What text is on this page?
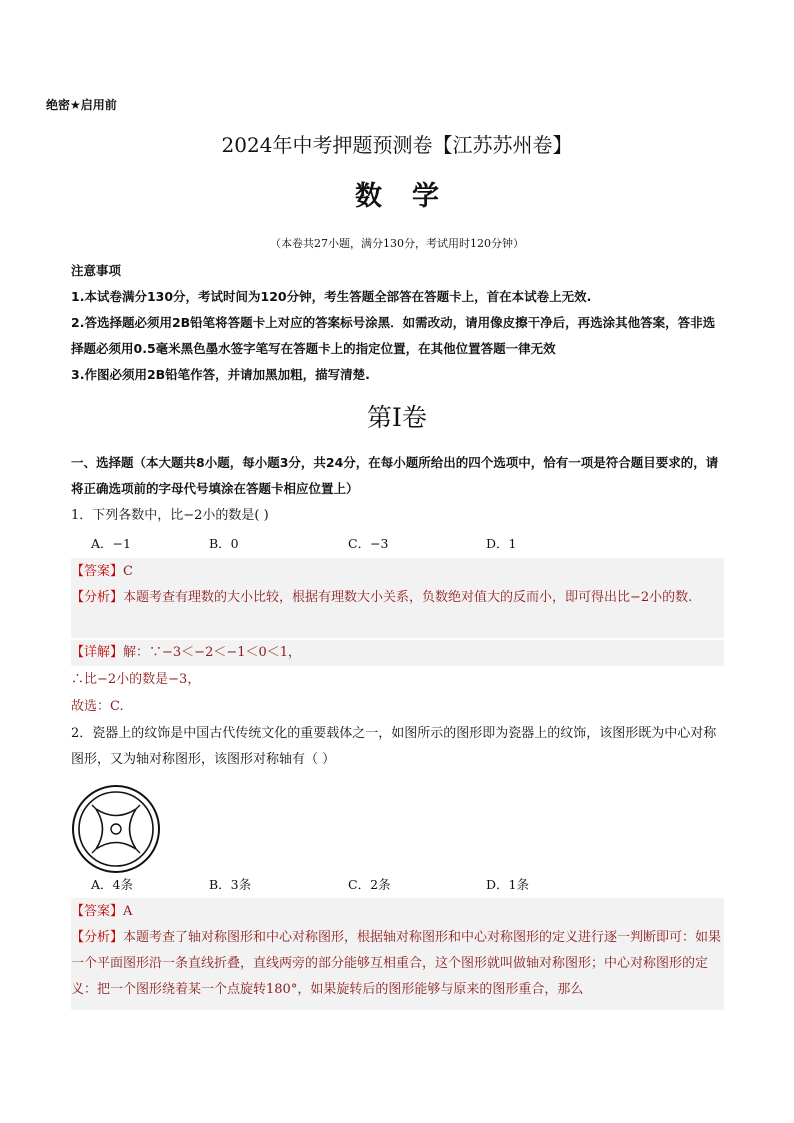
绝密★启用前
2024年中考押题预测卷【江苏苏州卷】
数学
（本卷共27小题，满分130分，考试用时120分钟）
注意事项
1.本试卷满分130分，考试时间为120分钟，考生答题全部答在答题卡上，首在本试卷上无效.
2.答选择题必须用2B铅笔将答题卡上对应的答案标号涂黑．如需改动，请用像皮擦干净后，再选涂其他答案，答非选择题必须用0.5毫米黑色墨水签字笔写在答题卡上的指定位置，在其他位置答题一律无效
3.作图必须用2B铅笔作答，并请加黑加粗，描写清楚.
第Ⅰ卷
一、选择题（本大题共8小题，每小题3分，共24分，在每小题所给出的四个选项中，恰有一项是符合题目要求的，请将正确选项前的字母代号填涂在答题卡相应位置上）
1．下列各数中，比−2小的数是( )
A．−1	B．0	C．−3	D．1
【答案】C
【分析】本题考查有理数的大小比较，根据有理数大小关系，负数绝对值大的反而小，即可得出比−2小的数.
【详解】解：∵−3＜−2＜−1＜0＜1，
∴比−2小的数是−3，
故选：C.
2．瓷器上的纹饰是中国古代传统文化的重要载体之一，如图所示的图形即为瓷器上的纹饰，该图形既为中心对称图形，又为轴对称图形，该图形对称轴有（ ）
A．4条	B．3条	C．2条	D．1条
【答案】A
【分析】本题考查了轴对称图形和中心对称图形，根据轴对称图形和中心对称图形的定义进行逐一判断即可：如果一个平面图形沿一条直线折叠，直线两旁的部分能够互相重合，这个图形就叫做轴对称图形；中心对称图形的定义：把一个图形绕着某一个点旋转180°，如果旋转后的图形能够与原来的图形重合，那么
